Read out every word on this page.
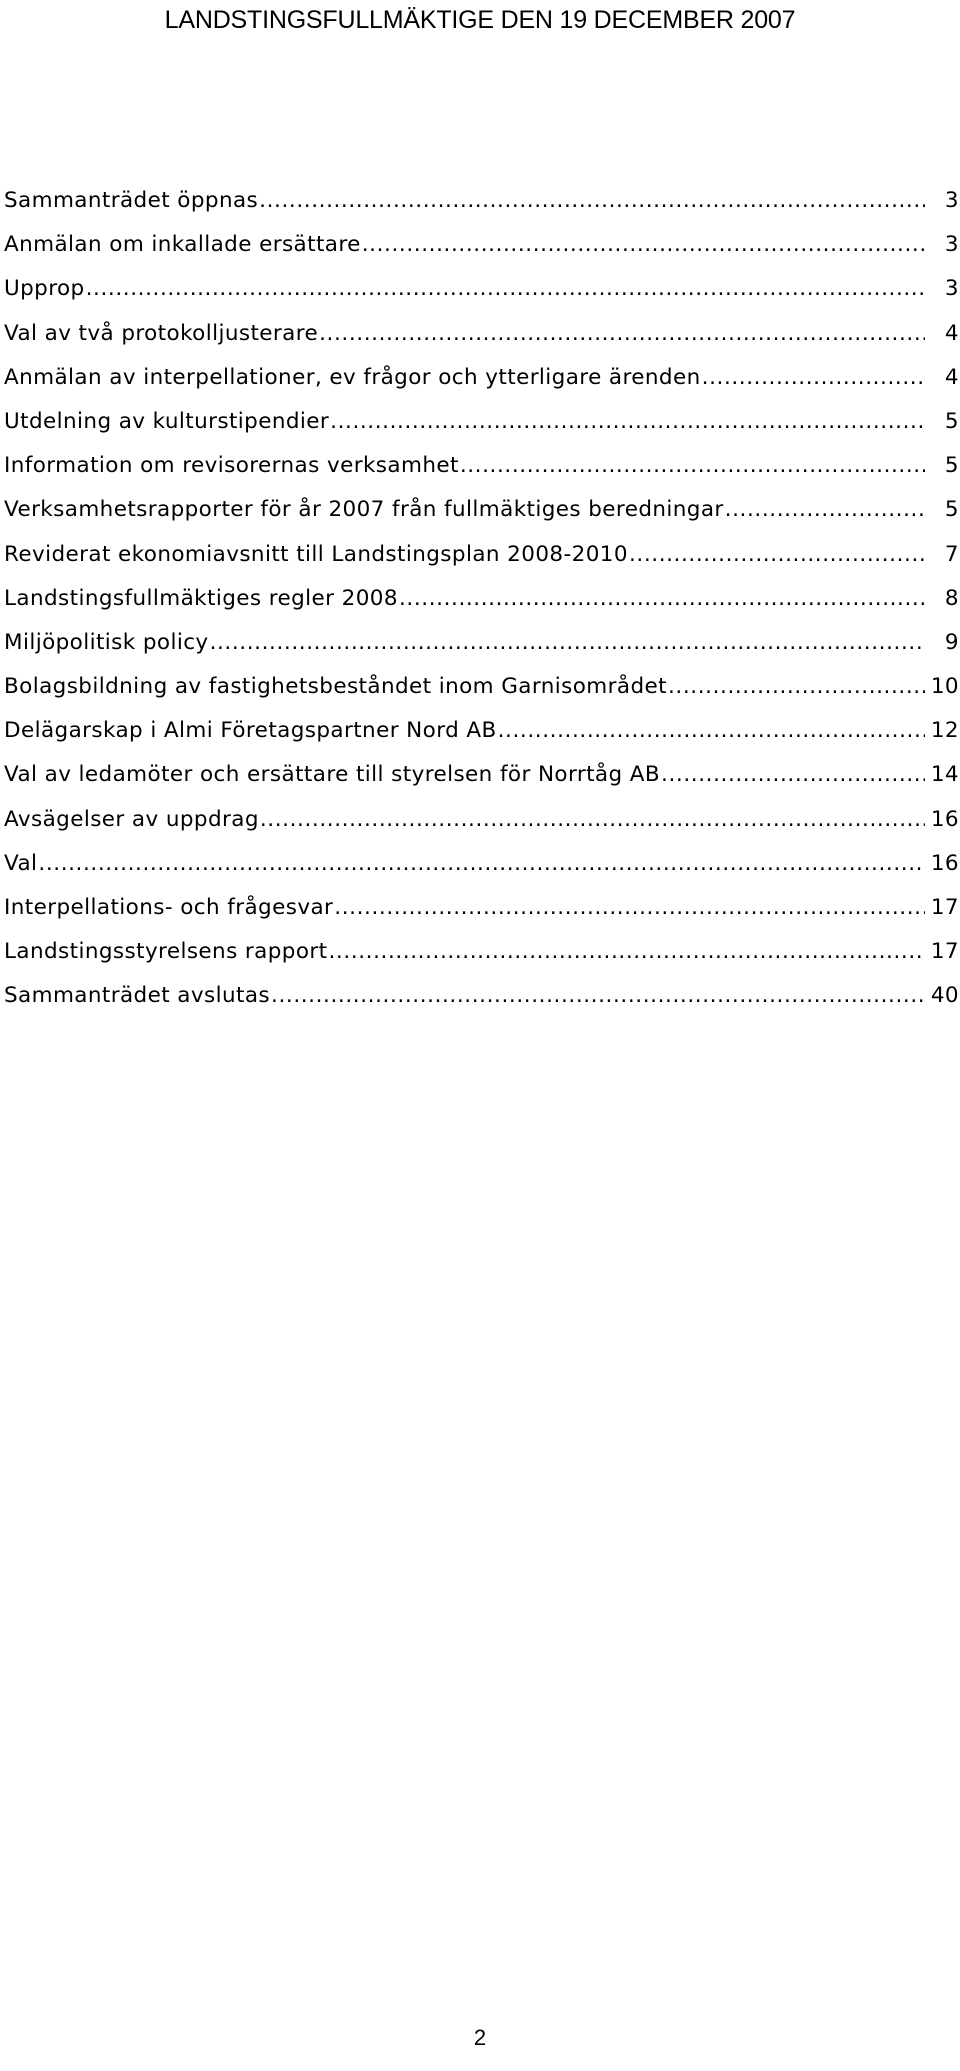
LANDSTINGSFULLMÄKTIGE DEN 19 DECEMBER 2007
Sammanträdet öppnas .....	3
Anmälan om inkallade ersättare .....	3
Upprop .....	3
Val av två protokolljusterare .....	4
Anmälan av interpellationer, ev frågor och ytterligare ärenden .....	4
Utdelning av kulturstipendier .....	5
Information om revisorernas verksamhet .....	5
Verksamhetsrapporter för år 2007 från fullmäktiges beredningar .....	5
Reviderat ekonomiavsnitt till Landstingsplan 2008-2010 .....	7
Landstingsfullmäktiges regler 2008 .....	8
Miljöpolitisk policy .....	9
Bolagsbildning av fastighetsbeståndet inom Garnisområdet .....	10
Delägarskap i Almi Företagspartner Nord AB .....	12
Val av ledamöter och ersättare till styrelsen för Norrtåg AB .....	14
Avsägelser av uppdrag .....	16
Val .....	16
Interpellations- och frågesvar .....	17
Landstingsstyrelsens rapport .....	17
Sammanträdet avslutas .....	40
2
